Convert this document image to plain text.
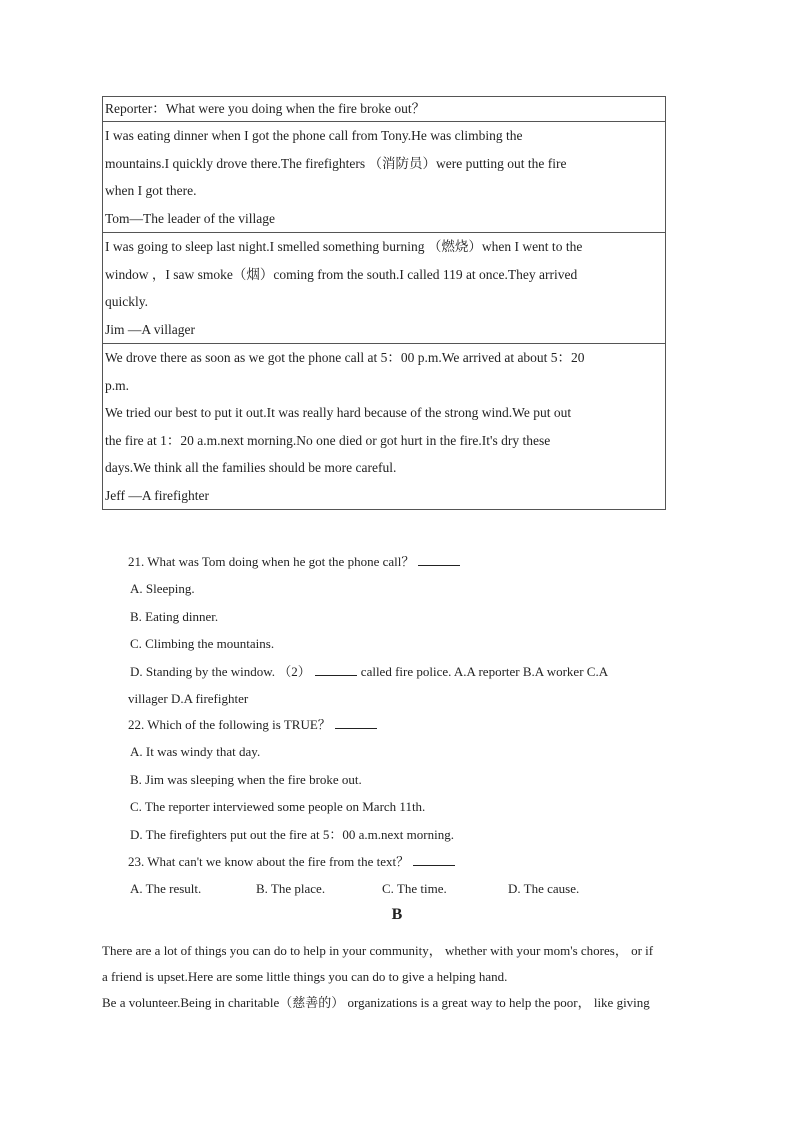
Reporter：What were you doing when the fire broke out？

I was eating dinner when I got the phone call from Tony.He was climbing the
mountains.I quickly drove there.The firefighters （消防员）were putting out the fire
when I got there.
Tom—The leader of the village

I was going to sleep last night.I smelled something burning （燃烧）when I went to the
window ，I saw smoke（烟）coming from the south.I called 119 at once.They arrived
quickly.
Jim —A villager

We drove there as soon as we got the phone call at 5：00 p.m.We arrived at about 5：20
p.m.
We tried our best to put it out.It was really hard because of the strong wind.We put out
the fire at 1：20 a.m.next morning.No one died or got hurt in the fire.It's dry these
days.We think all the families should be more careful.
Jeff —A firefighter
21. What was Tom doing when he got the phone call？
A. Sleeping.
B. Eating dinner.
C. Climbing the mountains.
D. Standing by the window. （2）	called fire police. A.A reporter B.A worker C.A
villager D.A firefighter
22. Which of the following is TRUE？
A. It was windy that day.
B. Jim was sleeping when the fire broke out.
C. The reporter interviewed some people on March 11th.
D. The firefighters put out the fire at 5：00 a.m.next morning.
23. What can't we know about the fire from the text？
A. The result.	B. The place.	C. The time.	D. The cause.
B

There are a lot of things you can do to help in your community， whether with your mom's chores， or if

a friend is upset.Here are some little things you can do to give a helping hand.

Be a volunteer.Being in charitable（慈善的） organizations is a great way to help the poor， like giving
